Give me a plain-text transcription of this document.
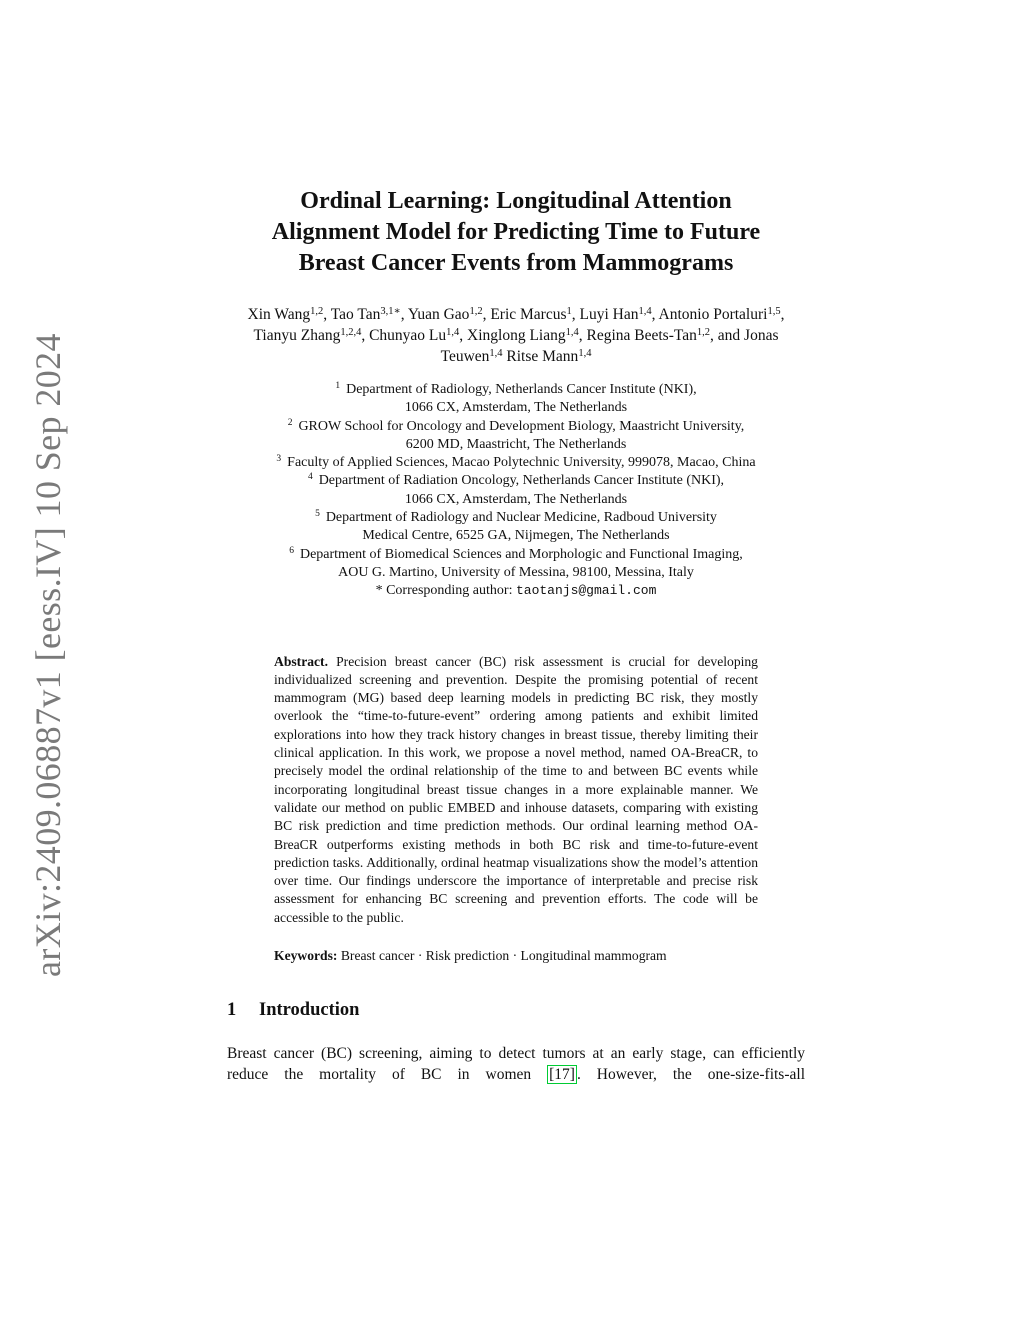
arXiv:2409.06887v1 [eess.IV] 10 Sep 2024
Ordinal Learning: Longitudinal Attention
Alignment Model for Predicting Time to Future
Breast Cancer Events from Mammograms
Xin Wang$^{1,2}$, Tao Tan$^{3,1∗}$, Yuan Gao$^{1,2}$, Eric Marcus$^1$, Luyi Han$^{1,4}$, Antonio Portaluri$^{1,5}$, Tianyu Zhang$^{1,2,4}$, Chunyao Lu$^{1,4}$, Xinglong Liang$^{1,4}$, Regina Beets-Tan$^{1,2}$, and Jonas Teuwen$^{1,4}$ Ritse Mann$^{1,4}$
$^1$ Department of Radiology, Netherlands Cancer Institute (NKI),
1066 CX, Amsterdam, The Netherlands
$^2$ GROW School for Oncology and Development Biology, Maastricht University,
6200 MD, Maastricht, The Netherlands
$^3$ Faculty of Applied Sciences, Macao Polytechnic University, 999078, Macao, China
$^4$ Department of Radiation Oncology, Netherlands Cancer Institute (NKI),
1066 CX, Amsterdam, The Netherlands
$^5$ Department of Radiology and Nuclear Medicine, Radboud University
Medical Centre, 6525 GA, Nijmegen, The Netherlands
$^6$ Department of Biomedical Sciences and Morphologic and Functional Imaging,
AOU G. Martino, University of Messina, 98100, Messina, Italy
* Corresponding author: taotanjs@gmail.com
Abstract. Precision breast cancer (BC) risk assessment is crucial for developing individualized screening and prevention. Despite the promising potential of recent mammogram (MG) based deep learning models in predicting BC risk, they mostly overlook the “time-to-future-event” ordering among patients and exhibit limited explorations into how they track history changes in breast tissue, thereby limiting their clinical application. In this work, we propose a novel method, named OA-BreaCR, to precisely model the ordinal relationship of the time to and between BC events while incorporating longitudinal breast tissue changes in a more explainable manner. We validate our method on public EMBED and inhouse datasets, comparing with existing BC risk prediction and time prediction methods. Our ordinal learning method OA-BreaCR outperforms existing methods in both BC risk and time-to-future-event prediction tasks. Additionally, ordinal heatmap visualizations show the model’s attention over time. Our findings underscore the importance of interpretable and precise risk assessment for enhancing BC screening and prevention efforts. The code will be accessible to the public.
Keywords: Breast cancer · Risk prediction · Longitudinal mammogram
1 Introduction
Breast cancer (BC) screening, aiming to detect tumors at an early stage, can efficiently reduce the mortality of BC in women [17] . However, the one-size-fits-all
